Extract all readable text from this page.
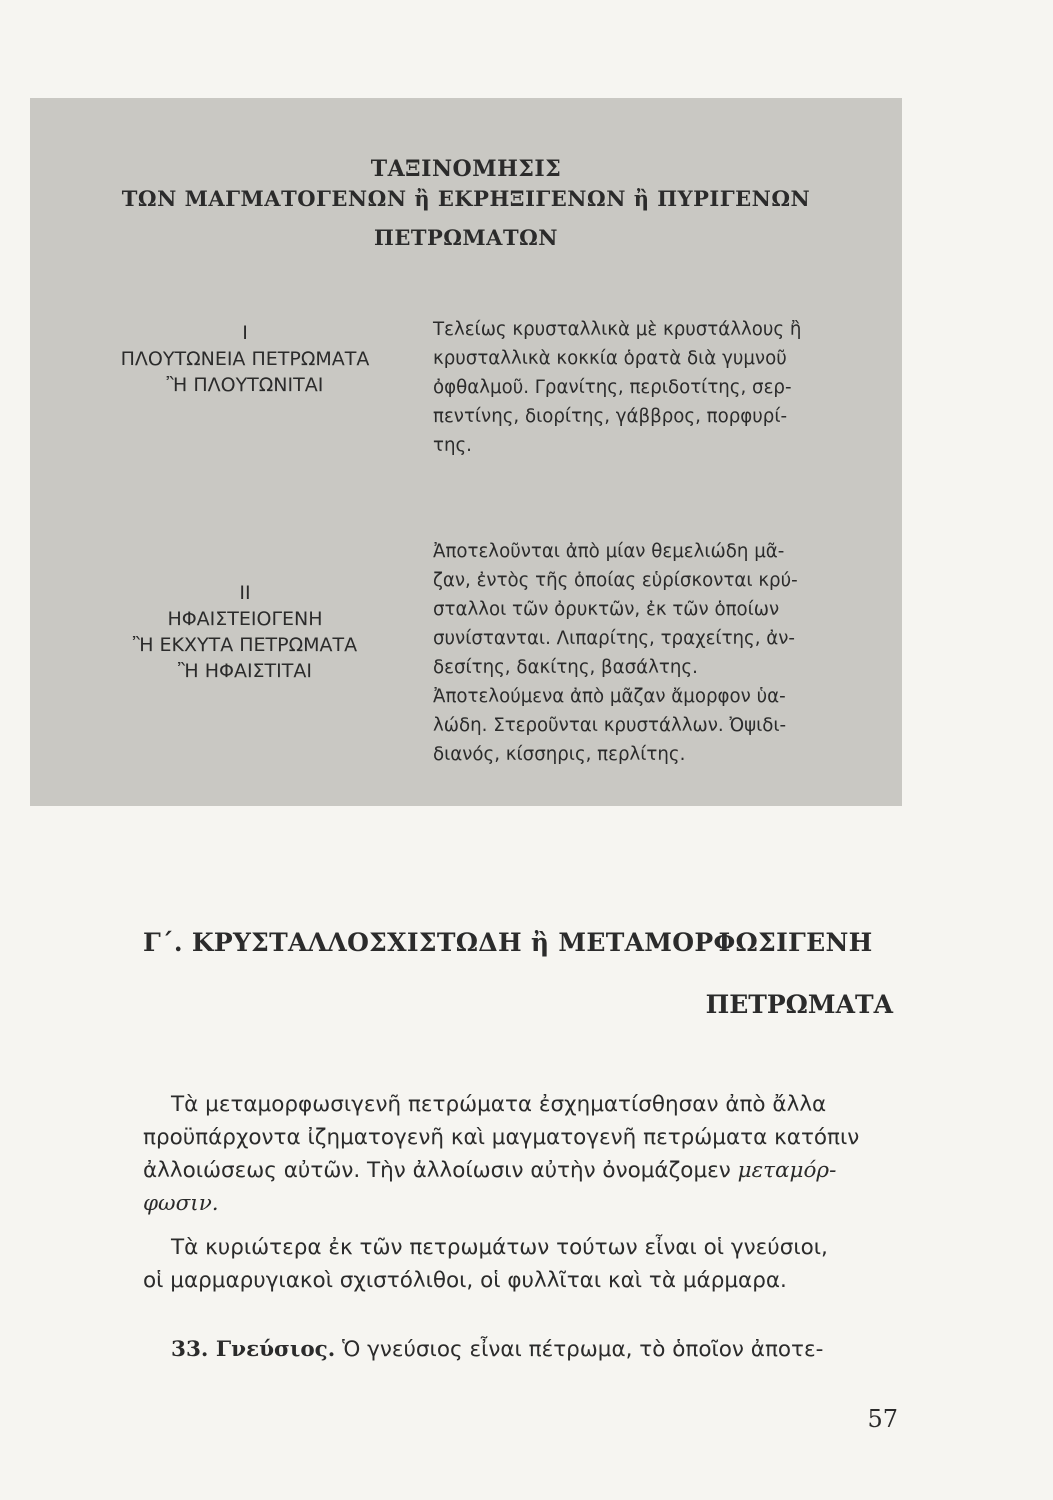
ΤΑΞΙΝΟΜΗΣΙΣ
ΤΩΝ ΜΑΓΜΑΤΟΓΕΝΩΝ ἢ ΕΚΡΗΞΙΓΕΝΩΝ ἢ ΠΥΡΙΓΕΝΩΝ
ΠΕΤΡΩΜΑΤΩΝ
I
ΠΛΟΥΤΩΝΕΙΑ ΠΕΤΡΩΜΑΤΑ
Ἢ ΠΛΟΥΤΩΝΙΤΑΙ
Τελείως κρυσταλλικὰ μὲ κρυστάλλους ἢ
κρυσταλλικὰ κοκκία ὁρατὰ διὰ γυμνοῦ
ὀφθαλμοῦ. Γρανίτης, περιδοτίτης, σερ-
πεντίνης, διορίτης, γάββρος, πορφυρί-
της.
II
ΗΦΑΙΣΤΕΙΟΓΕΝΗ
Ἢ ΕΚΧΥΤΑ ΠΕΤΡΩΜΑΤΑ
Ἢ ΗΦΑΙΣΤΙΤΑΙ
Ἀποτελοῦνται ἀπὸ μίαν θεμελιώδη μᾶ-
ζαν, ἐντὸς τῆς ὁποίας εὑρίσκονται κρύ-
σταλλοι τῶν ὀρυκτῶν, ἐκ τῶν ὁποίων
συνίστανται. Λιπαρίτης, τραχείτης, ἀν-
δεσίτης, δακίτης, βασάλτης.
Ἀποτελούμενα ἀπὸ μᾶζαν ἄμορφον ὑα-
λώδη. Στεροῦνται κρυστάλλων. Ὀψιδι-
διανός, κίσσηρις, περλίτης.
Γ΄. ΚΡΥΣΤΑΛΛΟΣΧΙΣΤΩΔΗ ἢ ΜΕΤΑΜΟΡΦΩΣΙΓΕΝΗ
ΠΕΤΡΩΜΑΤΑ
Τὰ μεταμορφωσιγενῆ πετρώματα ἐσχηματίσθησαν ἀπὸ ἄλλα
προϋπάρχοντα ἰζηματογενῆ καὶ μαγματογενῆ πετρώματα κατόπιν
ἀλλοιώσεως αὐτῶν. Τὴν ἀλλοίωσιν αὐτὴν ὀνομάζομεν μεταμόρ-
φωσιν.
Τὰ κυριώτερα ἐκ τῶν πετρωμάτων τούτων εἶναι οἱ γνεύσιοι,
οἱ μαρμαρυγιακοὶ σχιστόλιθοι, οἱ φυλλῖται καὶ τὰ μάρμαρα.
33. Γνεύσιος. Ὁ γνεύσιος εἶναι πέτρωμα, τὸ ὁποῖον ἀποτε-
57
